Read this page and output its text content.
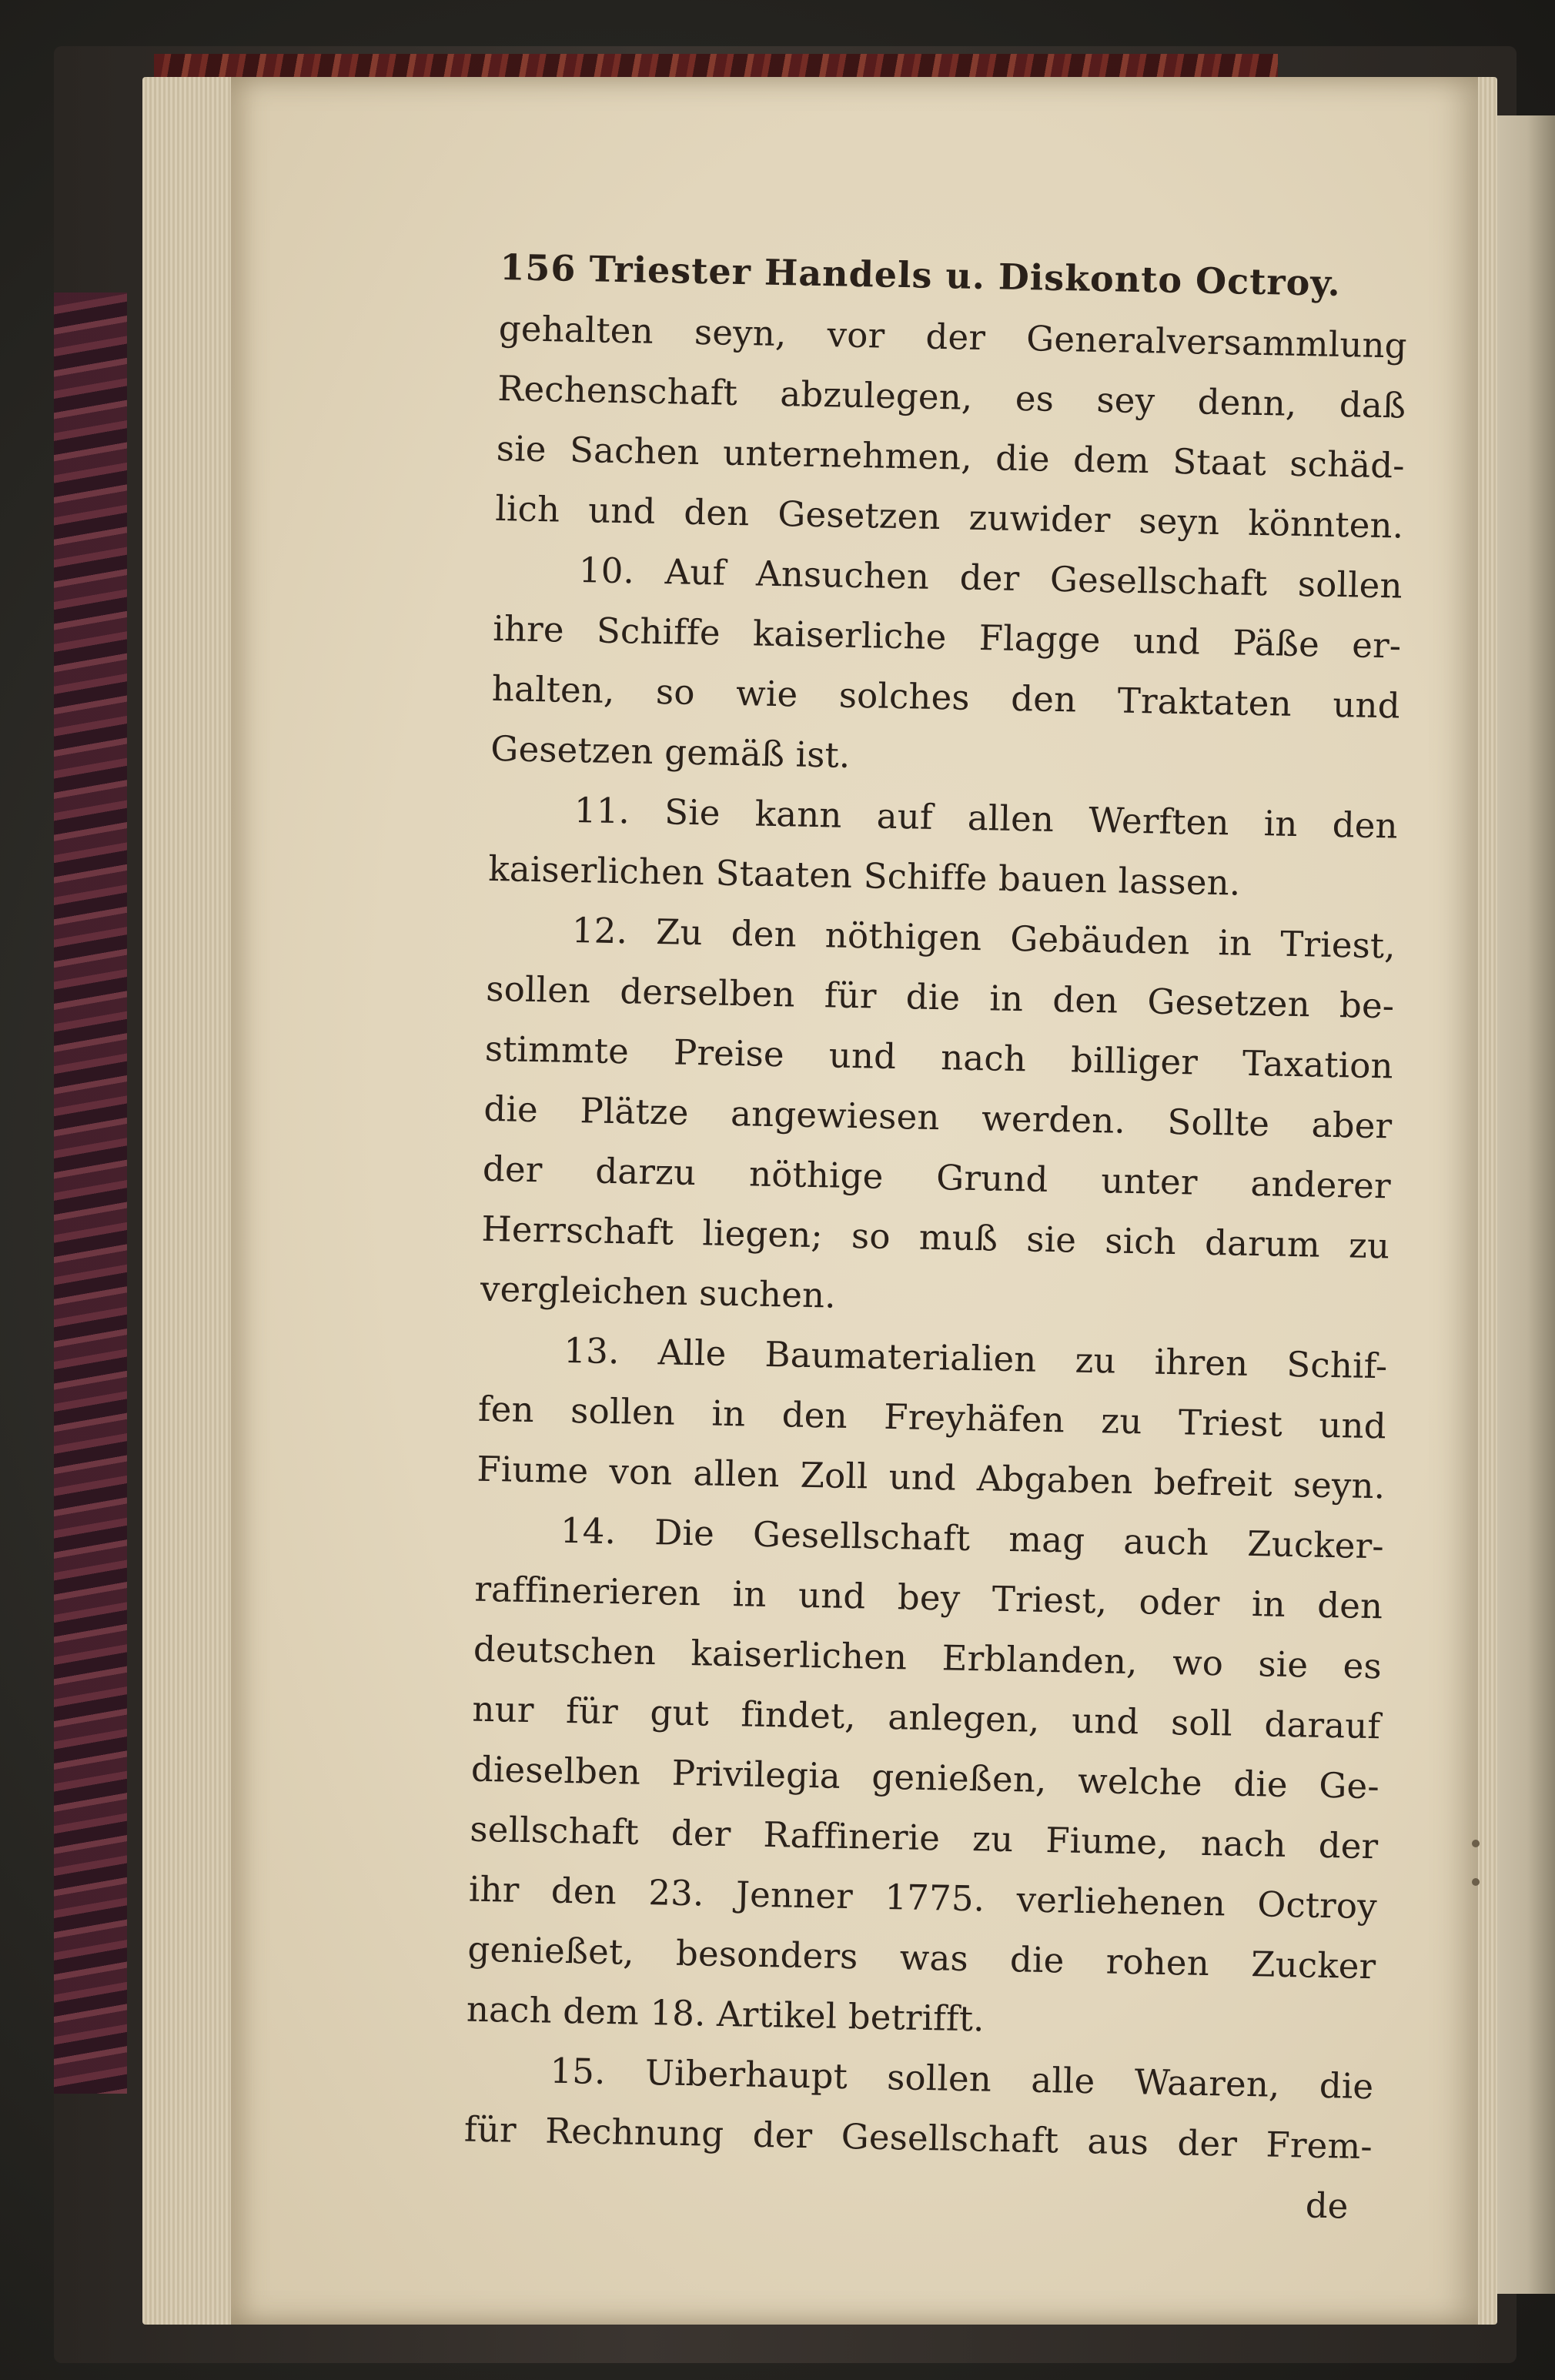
156 Triester Handels u. Diskonto Octroy.
gehalten seyn, vor der Generalversammlung
Rechenschaft abzulegen, es sey denn, daß
sie Sachen unternehmen, die dem Staat schäd-
lich und den Gesetzen zuwider seyn könnten.
10. Auf Ansuchen der Gesellschaft sollen
ihre Schiffe kaiserliche Flagge und Päße er-
halten, so wie solches den Traktaten und
Gesetzen gemäß ist.
11. Sie kann auf allen Werften in den
kaiserlichen Staaten Schiffe bauen lassen.
12. Zu den nöthigen Gebäuden in Triest,
sollen derselben für die in den Gesetzen be-
stimmte Preise und nach billiger Taxation
die Plätze angewiesen werden. Sollte aber
der darzu nöthige Grund unter anderer
Herrschaft liegen; so muß sie sich darum zu
vergleichen suchen.
13. Alle Baumaterialien zu ihren Schif-
fen sollen in den Freyhäfen zu Triest und
Fiume von allen Zoll und Abgaben befreit seyn.
14. Die Gesellschaft mag auch Zucker-
raffinerieren in und bey Triest, oder in den
deutschen kaiserlichen Erblanden, wo sie es
nur für gut findet, anlegen, und soll darauf
dieselben Privilegia genießen, welche die Ge-
sellschaft der Raffinerie zu Fiume, nach der
ihr den 23. Jenner 1775. verliehenen Octroy
genießet, besonders was die rohen Zucker
nach dem 18. Artikel betrifft.
15. Uiberhaupt sollen alle Waaren, die
für Rechnung der Gesellschaft aus der Frem-
de
